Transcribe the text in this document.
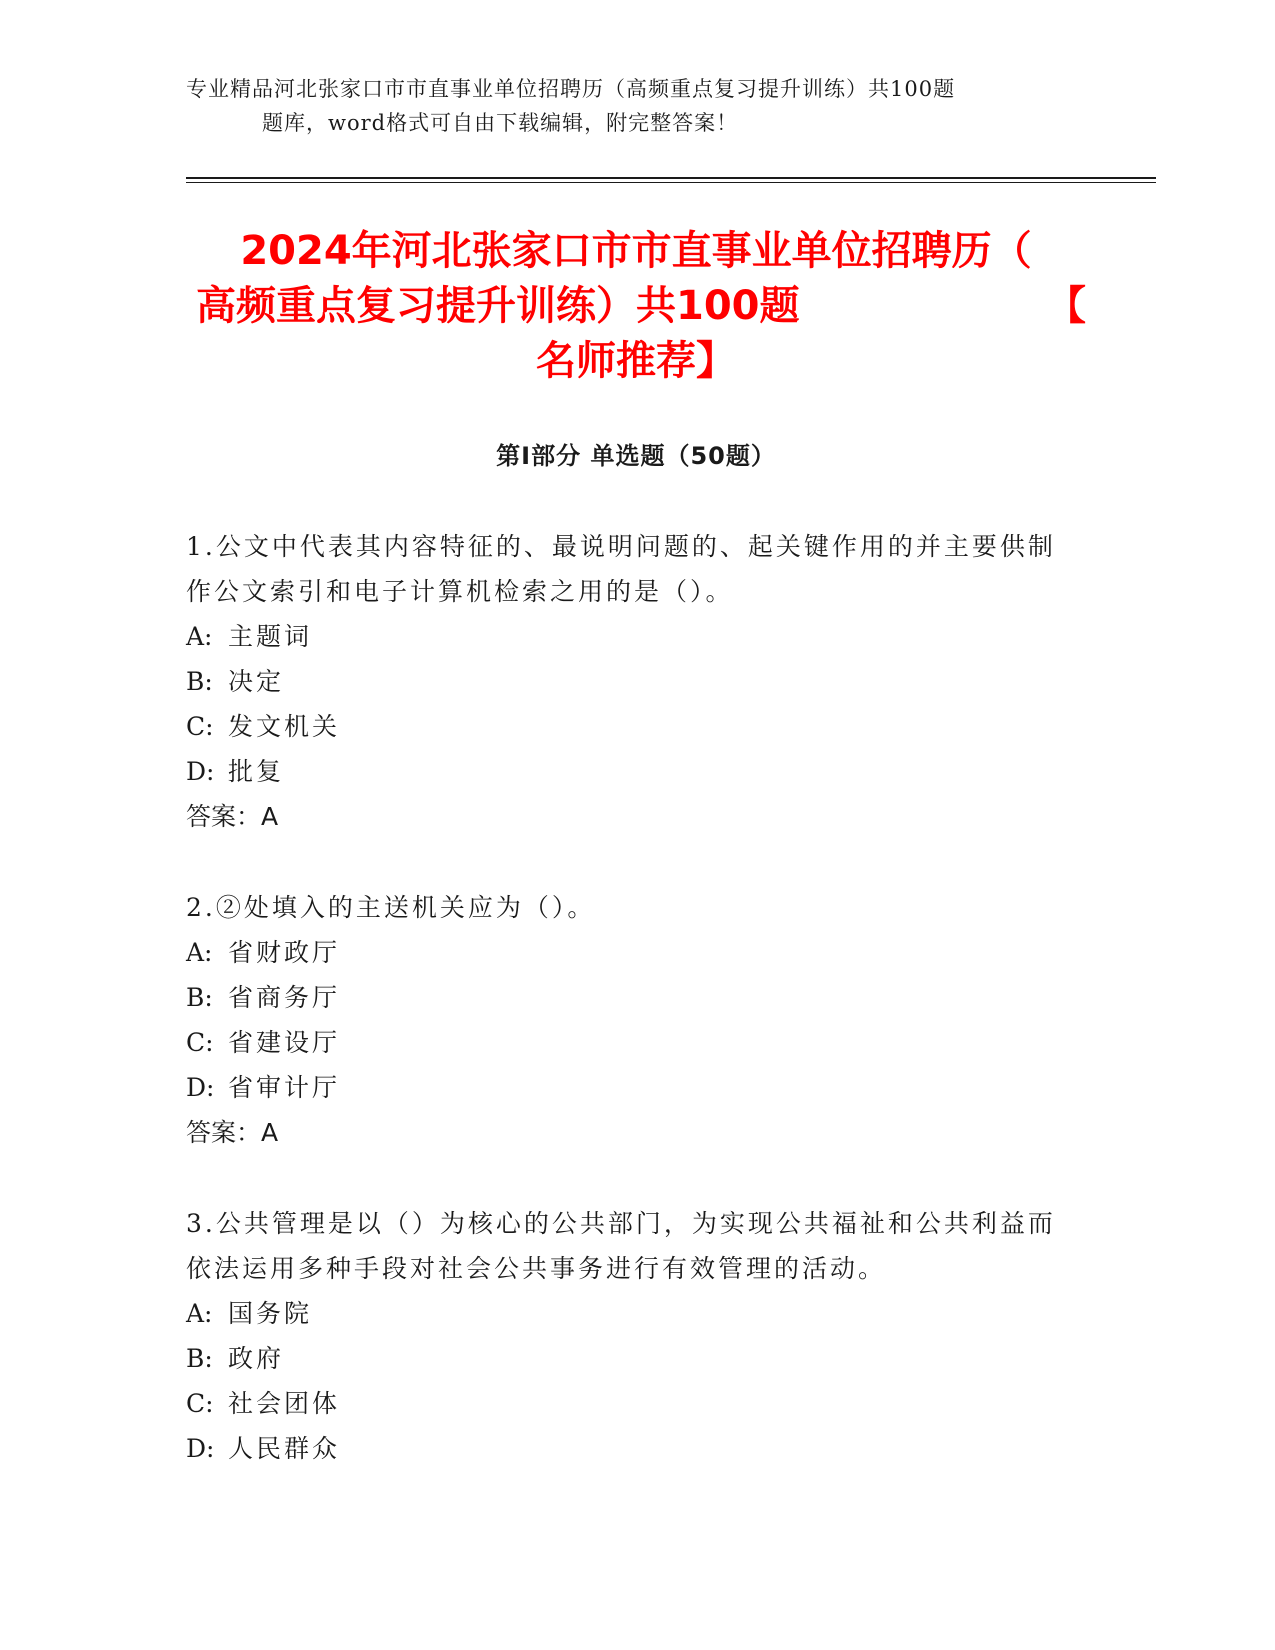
专业精品河北张家口市市直事业单位招聘历（高频重点复习提升训练）共100题
题库，word格式可自由下载编辑，附完整答案！
2024年河北张家口市市直事业单位招聘历（
高频重点复习提升训练）共100题	【
名师推荐】
第Ⅰ部分 单选题（50题）

1.公文中代表其内容特征的、最说明问题的、起关键作用的并主要供制作公文索引和电子计算机检索之用的是（）。

A: 主题词

B: 决定

C: 发文机关

D: 批复

答案：A

2.②处填入的主送机关应为（）。

A: 省财政厅

B: 省商务厅

C: 省建设厅

D: 省审计厅

答案：A

3.公共管理是以（）为核心的公共部门，为实现公共福祉和公共利益而依法运用多种手段对社会公共事务进行有效管理的活动。

A: 国务院

B: 政府

C: 社会团体

D: 人民群众
